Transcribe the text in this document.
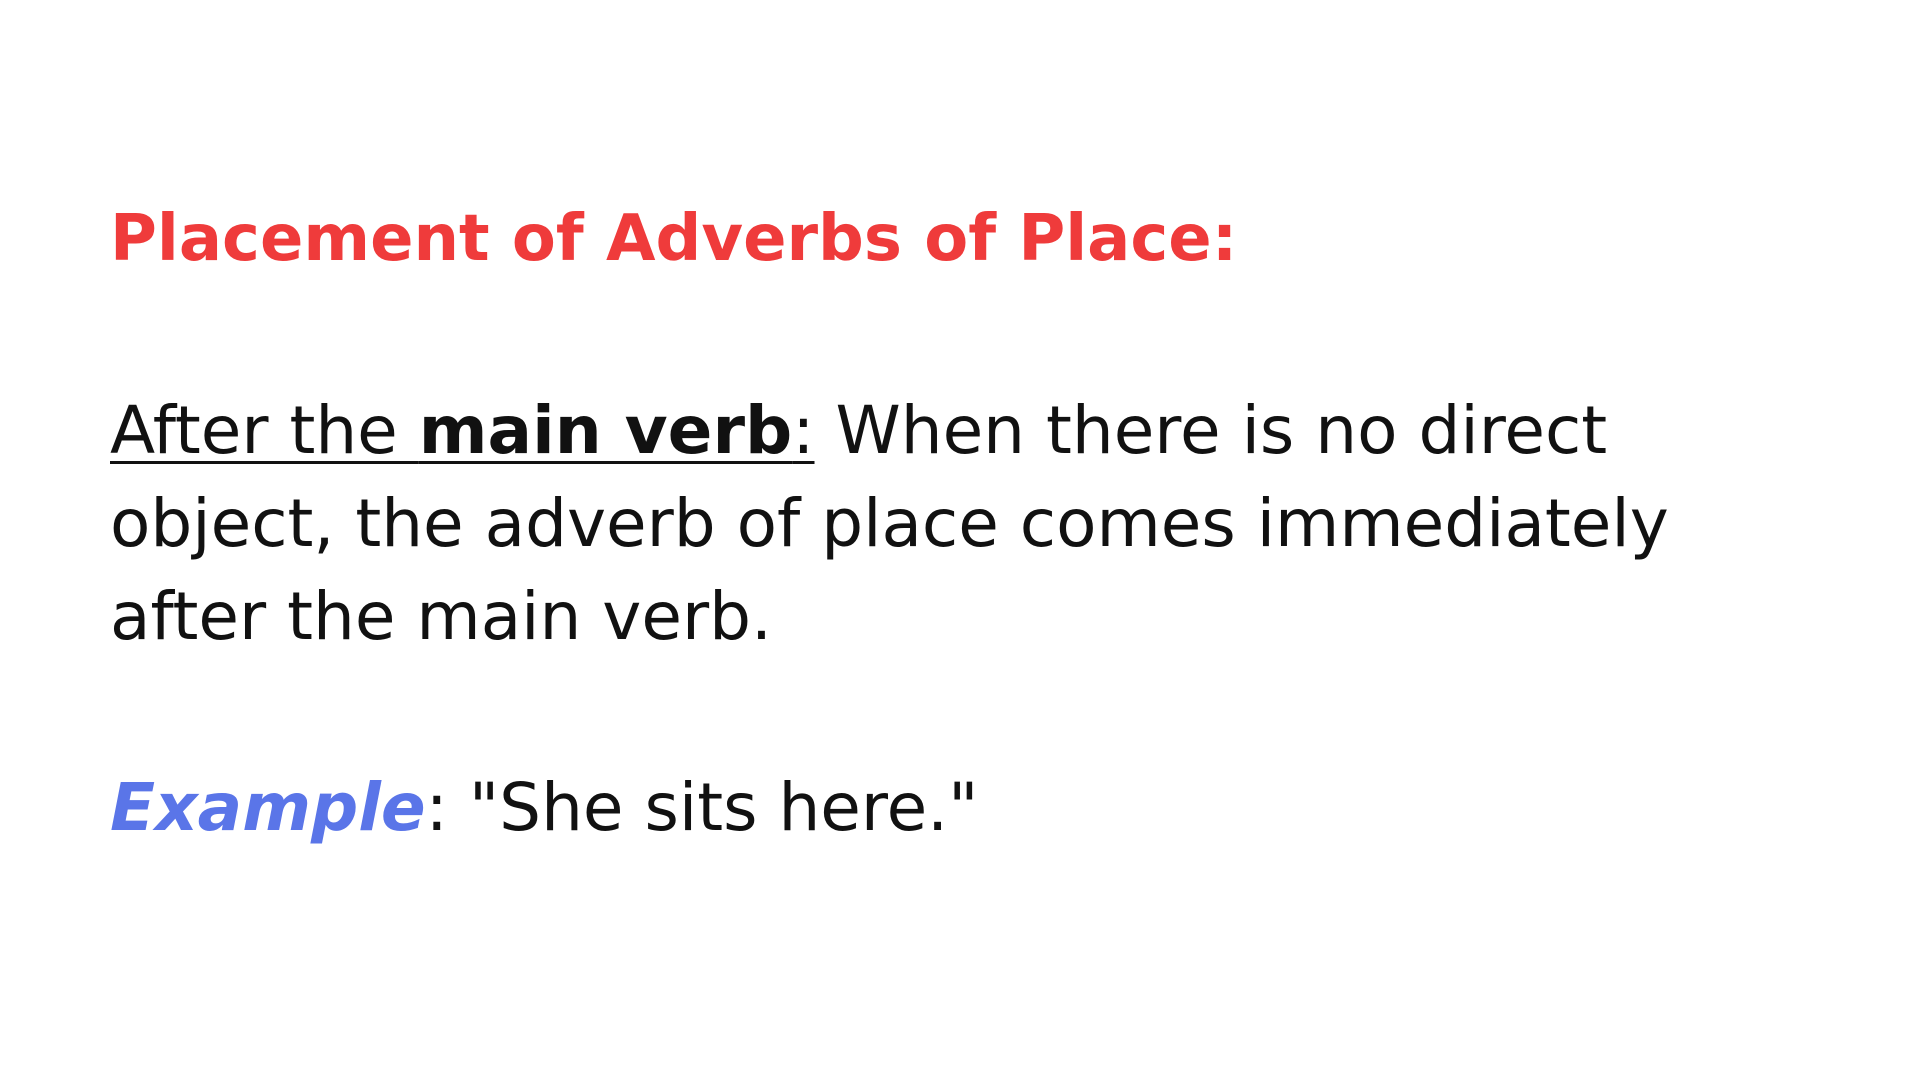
Placement of Adverbs of Place:

After the main verb: When there is no direct object, the adverb of place comes immediately after the main verb.

Example: "She sits here."
